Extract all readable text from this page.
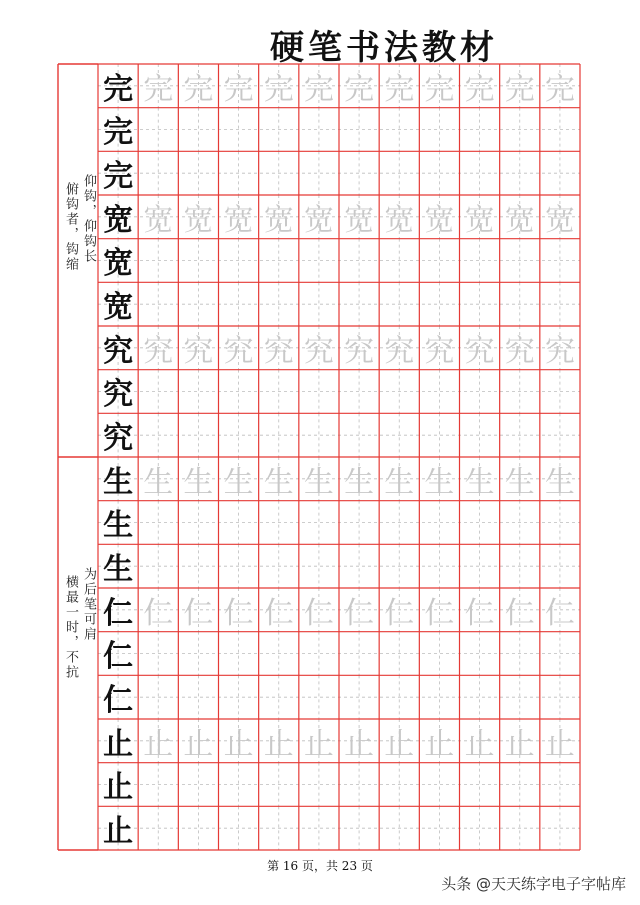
硬笔书法教材
完 完 完 完 完 完 完 完 完 完 完 完
完
完
宽 宽 宽 宽 宽 宽 宽 宽 宽 宽 宽 宽
宽
宽
究 究 究 究 究 究 究 究 究 究 究 究
究
究
生 生 生 生 生 生 生 生 生 生 生 生
生
生
仁 仁 仁 仁 仁 仁 仁 仁 仁 仁 仁 仁
仁
仁
止 止 止 止 止 止 止 止 止 止 止 止
止
止
俯钩者，钩缩 仰钩，仰钩长
横最一时，不抗 为后笔可肩
第 16 页，共 23 页
头条 @天天练字电子字帖库
